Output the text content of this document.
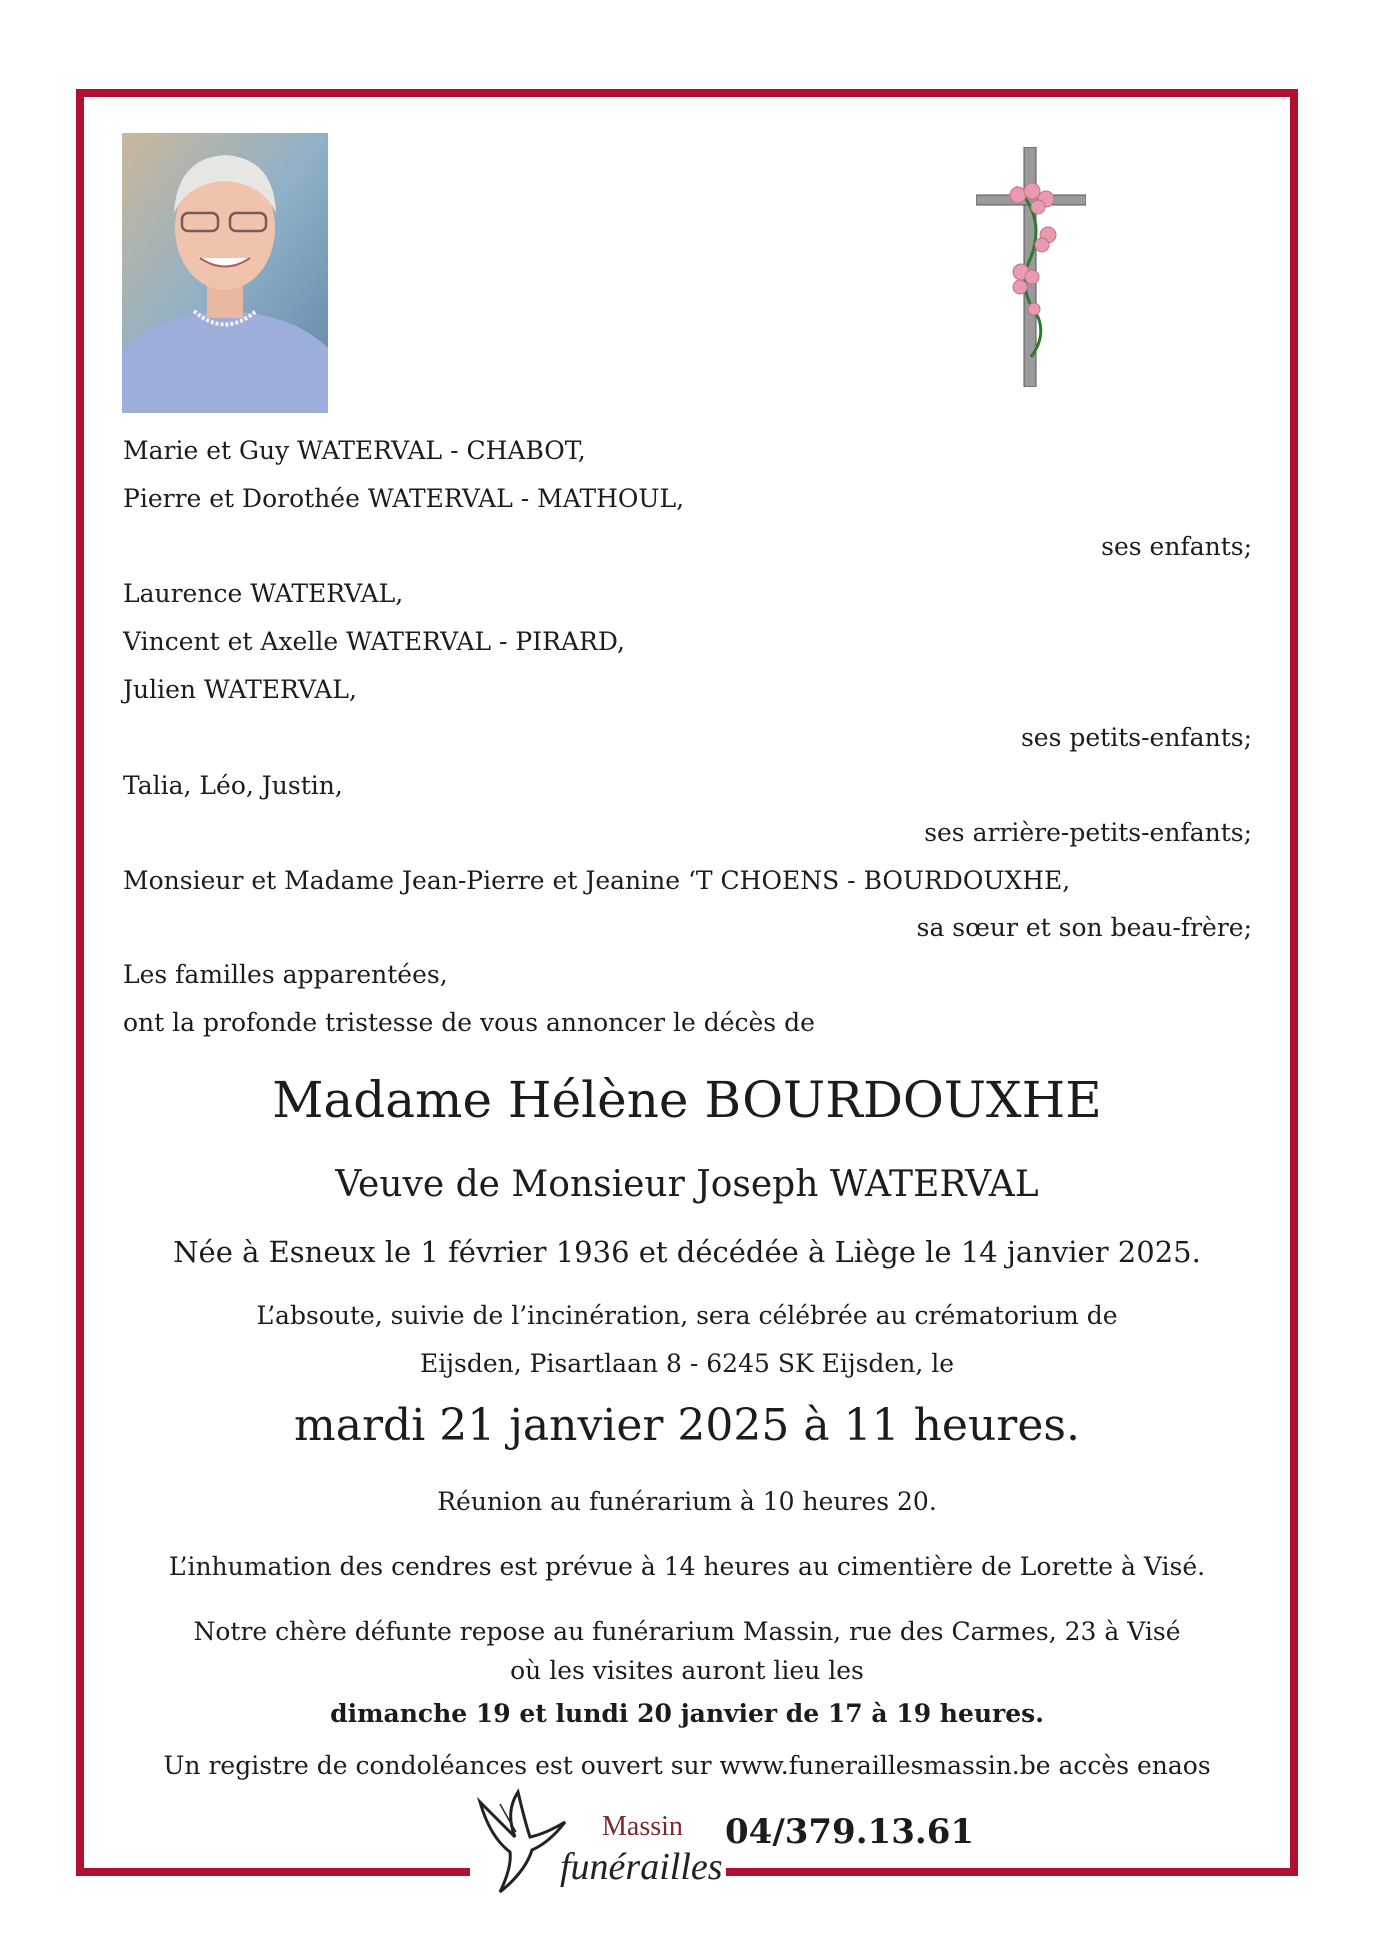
Marie et Guy WATERVAL - CHABOT,
Pierre et Dorothée WATERVAL - MATHOUL,
ses enfants;
Laurence WATERVAL,
Vincent et Axelle WATERVAL - PIRARD,
Julien WATERVAL,
ses petits-enfants;
Talia, Léo, Justin,
ses arrière-petits-enfants;
Monsieur et Madame Jean-Pierre et Jeanine ‘T CHOENS - BOURDOUXHE,
sa sœur et son beau-frère;
Les familles apparentées,
ont la profonde tristesse de vous annoncer le décès de
Madame Hélène BOURDOUXHE
Veuve de Monsieur Joseph WATERVAL
Née à Esneux le 1 février 1936 et décédée à Liège le 14 janvier 2025.
L’absoute, suivie de l’incinération, sera célébrée au crématorium de
Eijsden, Pisartlaan 8 - 6245 SK Eijsden, le
mardi 21 janvier 2025 à 11 heures.
Réunion au funérarium à 10 heures 20.
L’inhumation des cendres est prévue à 14 heures au cimentière de Lorette à Visé.
Notre chère défunte repose au funérarium Massin, rue des Carmes, 23 à Visé
où les visites auront lieu les
dimanche 19 et lundi 20 janvier de 17 à 19 heures.
Un registre de condoléances est ouvert sur www.funeraillesmassin.be accès enaos
Massin
funérailles
04/379.13.61
